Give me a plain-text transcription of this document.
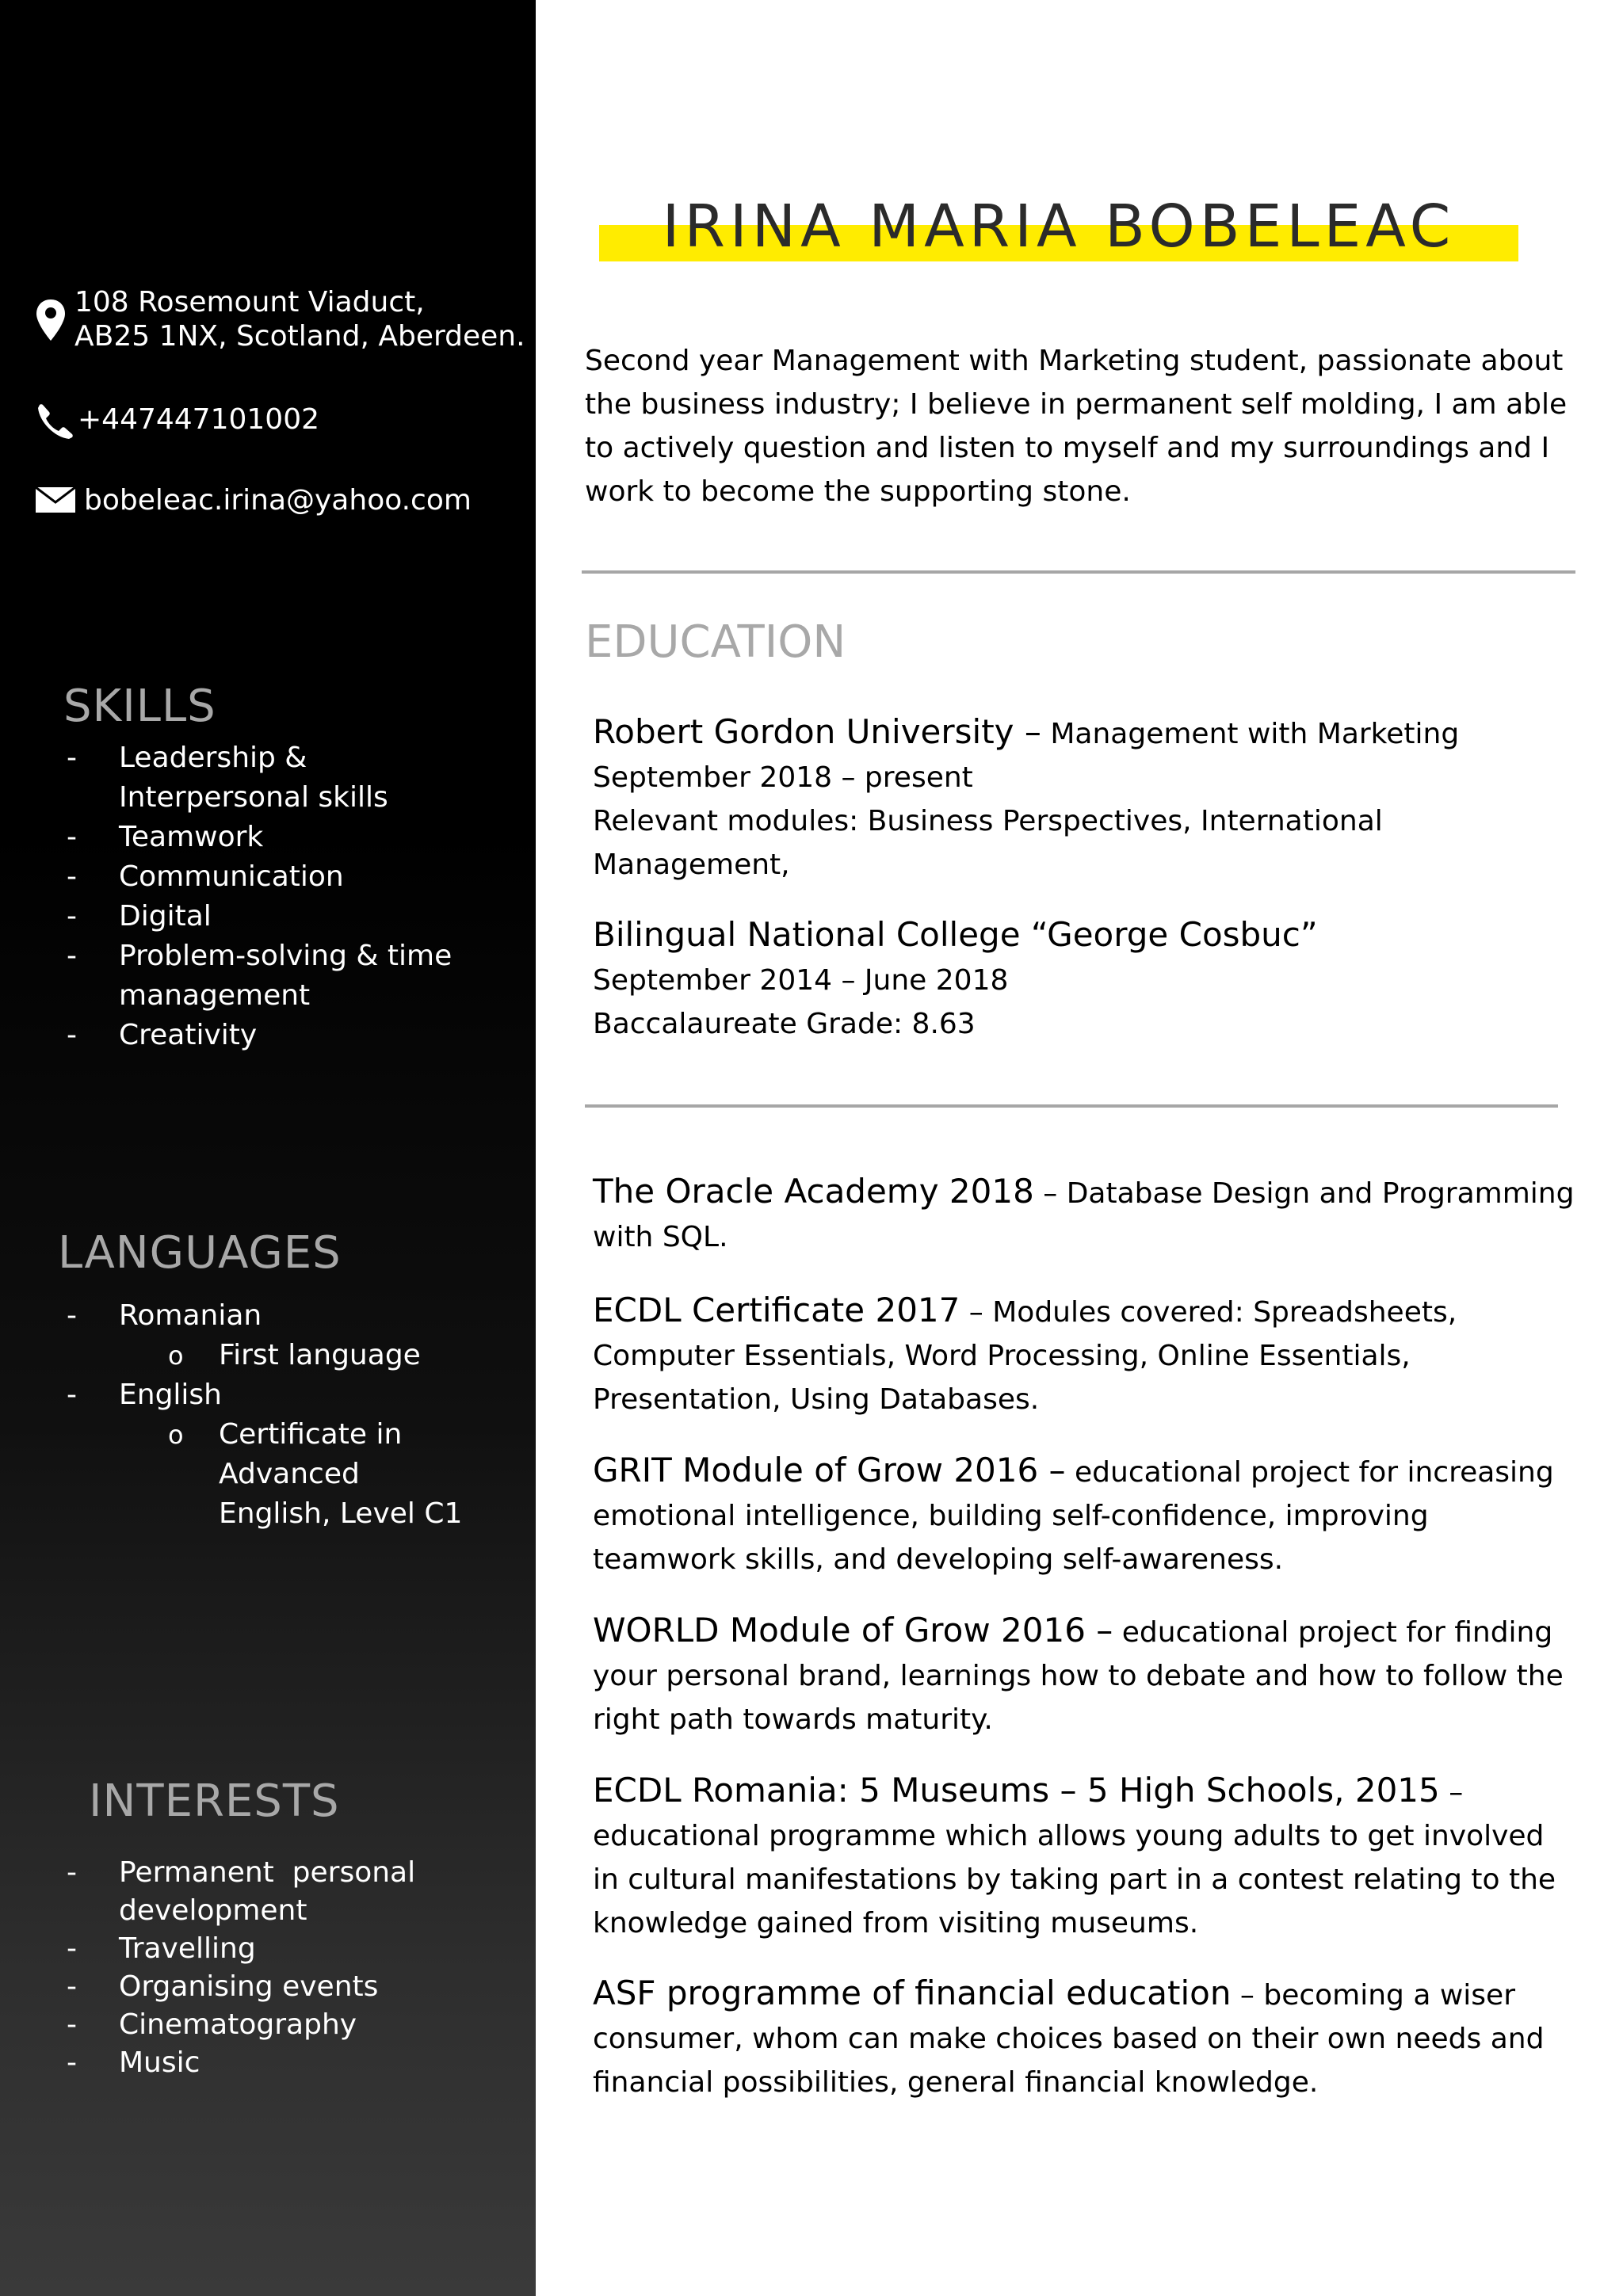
108 Rosemount Viaduct,
AB25 1NX, Scotland, Aberdeen.
+447447101002
bobeleac.irina@yahoo.com
SKILLS
-	Leadership & Interpersonal skills
-	Teamwork
-	Communication
-	Digital
-	Problem-solving & time management
-	Creativity
LANGUAGES
-	Romanian
o	First language
-	English
o	Certificate in Advanced English, Level C1
INTERESTS
-	Permanent  personal development
-	Travelling
-	Organising events
-	Cinematography
-	Music
IRINA MARIA BOBELEAC

Second year Management with Marketing student, passionate about the business industry; I believe in permanent self molding, I am able to actively question and listen to myself and my surroundings and I work to become the supporting stone.

EDUCATION
Robert Gordon University – Management with Marketing
September 2018 – present
Relevant modules: Business Perspectives, International Management,
Bilingual National College “George Cosbuc”
September 2014 – June 2018
Baccalaureate Grade: 8.63
The Oracle Academy 2018 – Database Design and Programming with SQL.
ECDL Certificate 2017 – Modules covered: Spreadsheets, Computer Essentials, Word Processing, Online Essentials, Presentation, Using Databases.
GRIT Module of Grow 2016 – educational project for increasing emotional intelligence, building self-confidence, improving teamwork skills, and developing self-awareness.
WORLD Module of Grow 2016 – educational project for finding your personal brand, learnings how to debate and how to follow the right path towards maturity.
ECDL Romania: 5 Museums – 5 High Schools, 2015 – educational programme which allows young adults to get involved in cultural manifestations by taking part in a contest relating to the knowledge gained from visiting museums.
ASF programme of financial education – becoming a wiser consumer, whom can make choices based on their own needs and financial possibilities, general financial knowledge.
